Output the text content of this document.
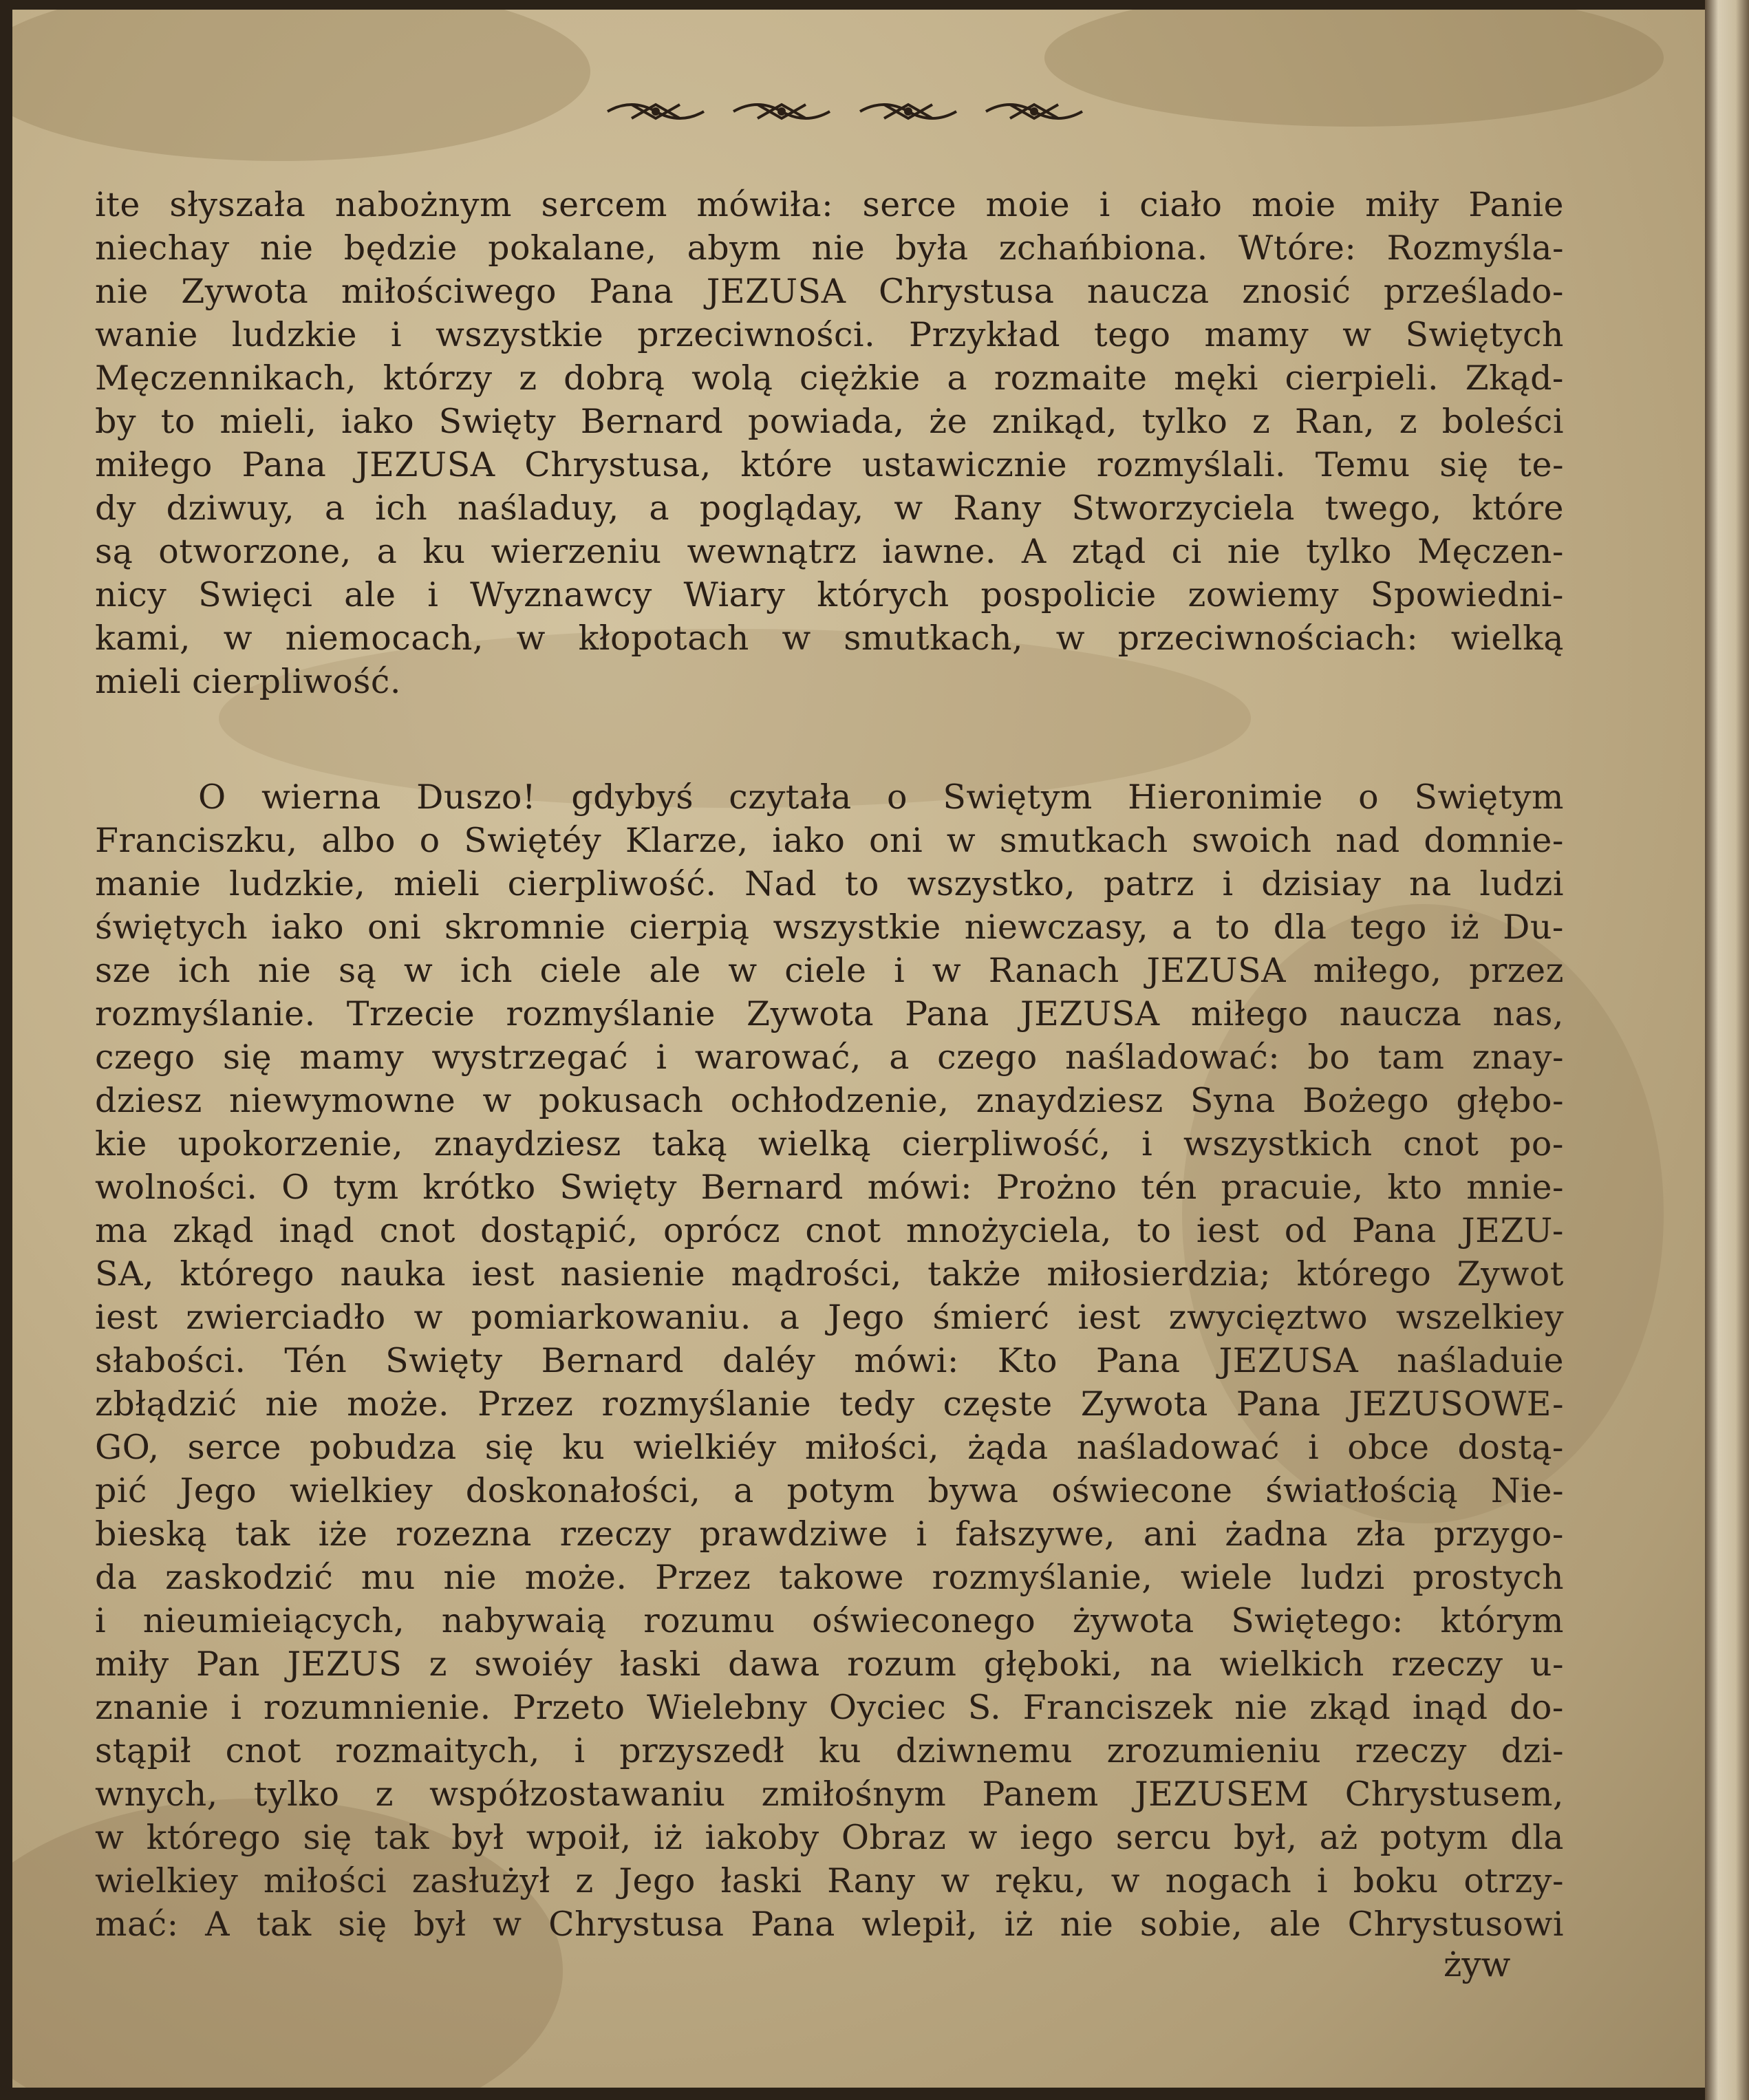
ite słyszała nabożnym sercem mówiła: serce moie i ciało moie miły Panie
niechay nie będzie pokalane, abym nie była zchańbiona. Wtóre: Rozmyśla-
nie Zywota miłościwego Pana JEZUSA Chrystusa naucza znosić prześlado-
wanie ludzkie i wszystkie przeciwności. Przykład tego mamy w Swiętych
Męczennikach, którzy z dobrą wolą ciężkie a rozmaite męki cierpieli. Zkąd-
by to mieli, iako Swięty Bernard powiada, że znikąd, tylko z Ran, z boleści
miłego Pana JEZUSA Chrystusa, które ustawicznie rozmyślali. Temu się te-
dy dziwuy, a ich naśladuy, a pogląday, w Rany Stworzyciela twego, które
są otworzone, a ku wierzeniu wewnątrz iawne. A ztąd ci nie tylko Męczen-
nicy Swięci ale i Wyznawcy Wiary których pospolicie zowiemy Spowiedni-
kami, w niemocach, w kłopotach w smutkach, w przeciwnościach: wielką
mieli cierpliwość.
O wierna Duszo! gdybyś czytała o Swiętym Hieronimie o Swiętym
Franciszku, albo o Swiętéy Klarze, iako oni w smutkach swoich nad domnie-
manie ludzkie, mieli cierpliwość. Nad to wszystko, patrz i dzisiay na ludzi
świętych iako oni skromnie cierpią wszystkie niewczasy, a to dla tego iż Du-
sze ich nie są w ich ciele ale w ciele i w Ranach JEZUSA miłego, przez
rozmyślanie. Trzecie rozmyślanie Zywota Pana JEZUSA miłego naucza nas,
czego się mamy wystrzegać i warować, a czego naśladować: bo tam znay-
dziesz niewymowne w pokusach ochłodzenie, znaydziesz Syna Bożego głębo-
kie upokorzenie, znaydziesz taką wielką cierpliwość, i wszystkich cnot po-
wolności. O tym krótko Swięty Bernard mówi: Prożno tén pracuie, kto mnie-
ma zkąd inąd cnot dostąpić, oprócz cnot mnożyciela, to iest od Pana JEZU-
SA, którego nauka iest nasienie mądrości, także miłosierdzia; którego Zywot
iest zwierciadło w pomiarkowaniu. a Jego śmierć iest zwycięztwo wszelkiey
słabości. Tén Swięty Bernard daléy mówi: Kto Pana JEZUSA naśladuie
zbłądzić nie może. Przez rozmyślanie tedy częste Zywota Pana JEZUSOWE-
GO, serce pobudza się ku wielkiéy miłości, żąda naśladować i obce dostą-
pić Jego wielkiey doskonałości, a potym bywa oświecone światłością Nie-
bieską tak iże rozezna rzeczy prawdziwe i fałszywe, ani żadna zła przygo-
da zaskodzić mu nie może. Przez takowe rozmyślanie, wiele ludzi prostych
i nieumieiących, nabywaią rozumu oświeconego żywota Swiętego: którym
miły Pan JEZUS z swoiéy łaski dawa rozum głęboki, na wielkich rzeczy u-
znanie i rozumnienie. Przeto Wielebny Oyciec S. Franciszek nie zkąd inąd do-
stąpił cnot rozmaitych, i przyszedł ku dziwnemu zrozumieniu rzeczy dzi-
wnych, tylko z współzostawaniu zmiłośnym Panem JEZUSEM Chrystusem,
w którego się tak był wpoił, iż iakoby Obraz w iego sercu był, aż potym dla
wielkiey miłości zasłużył z Jego łaski Rany w ręku, w nogach i boku otrzy-
mać: A tak się był w Chrystusa Pana wlepił, iż nie sobie, ale Chrystusowi
żyw
